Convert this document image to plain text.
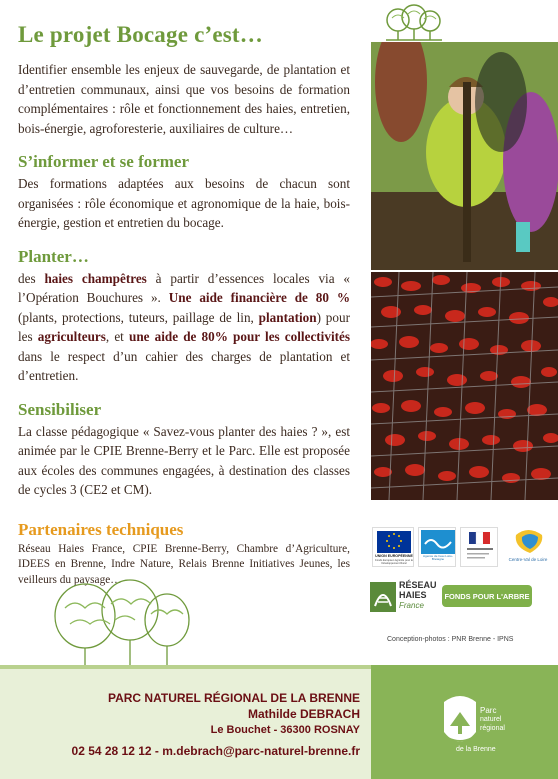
Le projet Bocage c’est…

Identifier ensemble les enjeux de sauvegarde, de plantation et d’entretien communaux, ainsi que vos besoins de formation complémentaires : rôle et fonctionnement des haies, entretien, bois-énergie, agroforesterie, auxiliaires de culture…

S’informer et se former

Des formations adaptées aux besoins de chacun sont organisées : rôle économique et agronomique de la haie, bois-énergie, gestion et entretien du bocage.

Planter…

des haies champêtres à partir d’essences locales via « l’Opération Bouchures ». Une aide financière de 80 % (plants, protections, tuteurs, paillage de lin, plantation) pour les agriculteurs, et une aide de 80% pour les collectivités dans le respect d’un cahier des charges de plantation et d’entretien.

Sensibiliser

La classe pédagogique « Savez-vous planter des haies ? », est animée par le CPIE Brenne-Berry et le Parc. Elle est proposée aux écoles des communes engagées, à destination des classes de cycles 3 (CE2 et CM).

Partenaires techniques

Réseau Haies France, CPIE Brenne-Berry, Chambre d’Agriculture, IDEES en Brenne, Indre Nature, Relais Brenne Initiatives Jeunes, les veilleurs du paysage…

UNION EUROPÉENNE
Fonds Européen Agricole pour le Développement Rural
Agence de l'eau Loire-Bretagne	Centre-Val de Loire
RÉSEAU
HAIES
France
FONDS POUR L'ARBRE
Conception-photos : PNR Brenne - IPNS
PARC NATUREL RÉGIONAL DE LA BRENNE
Mathilde DEBRACH
Le Bouchet - 36300 ROSNAY
02 54 28 12 12 - m.debrach@parc-naturel-brenne.fr
Parc
naturel
régional
de la Brenne
